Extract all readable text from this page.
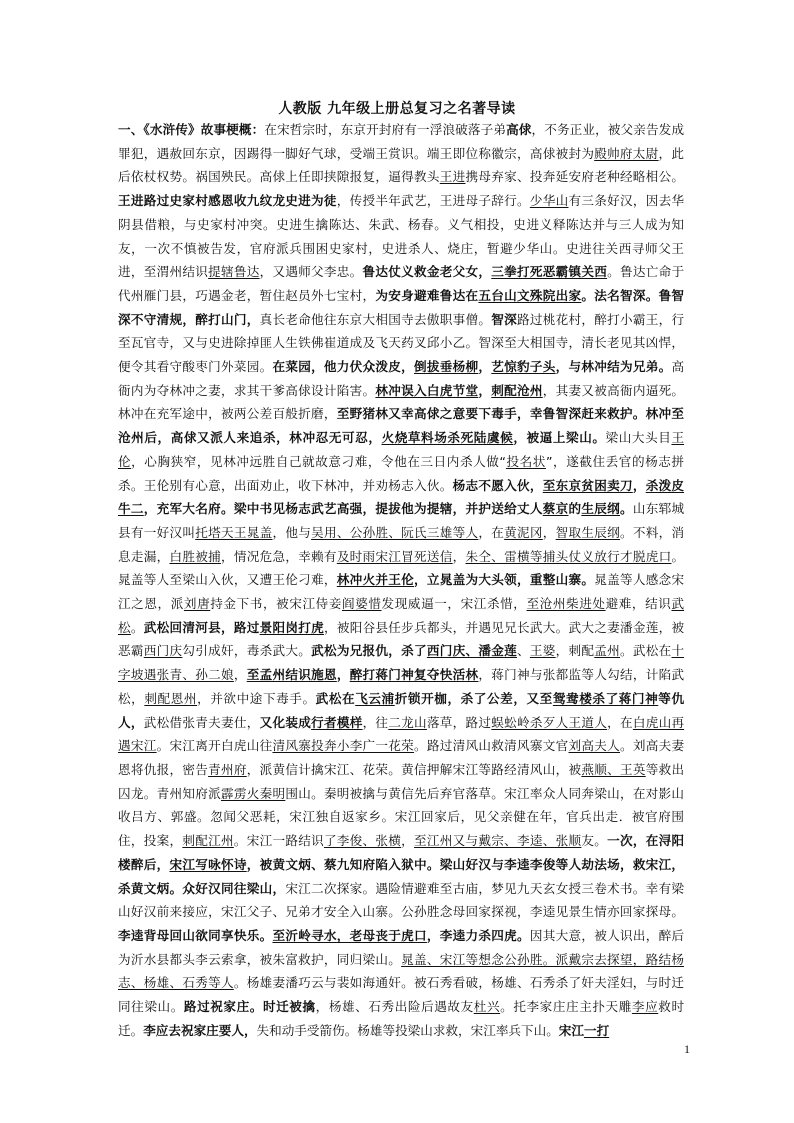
人教版 九年级上册总复习之名著导读

一、《水浒传》故事梗概：在宋哲宗时，东京开封府有一浮浪破落子弟高俅，不务正业，被父亲告发成罪犯，遇赦回东京，因踢得一脚好气球，受端王赏识。端王即位称徽宗，高俅被封为殿帅府太尉，此后依杖权势。祸国殃民。高俅上任即挟隙报复，逼得教头王进携母弃家、投奔延安府老种经略相公。王进路过史家村感恩收九纹龙史进为徒，传授半年武艺，王进母子辞行。少华山有三条好汉，因去华阴县借粮，与史家村冲突。史进生擒陈达、朱武、杨春。义气相投，史进义释陈达并与三人成为知友，一次不慎被告发，官府派兵围困史家村，史进杀人、烧庄，暂避少华山。史进往关西寻师父王进，至渭州结识提辖鲁达，又遇师父李忠。鲁达仗义救金老父女，三拳打死恶霸镇关西。鲁达亡命于代州雁门县，巧遇金老，暂住赵员外七宝村，为安身避难鲁达在五台山文殊院出家。法名智深。鲁智深不守清规，醉打山门，真长老命他往东京大相国寺去傲职事僧。智深路过桃花村，醉打小霸王，行至瓦官寺，又与史进除掉匪人生铁佛崔道成及飞天药叉邱小乙。智深至大相国寺，清长老见其凶悍，便令其看守酸枣门外菜园。在菜园，他力伏众泼皮，倒拔垂杨柳，艺惊豹子头，与林冲结为兄弟。高衙内为夺林冲之妻，求其干爹高俅设计陷害。林冲误入白虎节堂，刺配沧州，其妻又被高衙内逼死。林冲在充军途中，被两公差百般折磨，至野猪林又幸高俅之意要下毒手，幸鲁智深赶来救护。林冲至沧州后，高俅又派人来追杀，林冲忍无可忍，火烧草料场杀死陆虞候，被逼上梁山。梁山大头目王伦，心胸狭窄，见林冲远胜自己就故意刁难，令他在三日内杀人做“投名状”，遂截住丢官的杨志拼杀。王伦别有心意，出面劝止，收下林冲，并劝杨志入伙。杨志不愿入伙，至东京贫困卖刀，杀泼皮牛二，充军大名府。梁中书见杨志武艺高强，提拔他为提辖，并护送给丈人蔡京的生辰纲。山东郓城县有一好汉叫托塔天王晁盖，他与吴用、公孙胜、阮氏三雄等人，在黄泥冈，智取生辰纲。不料，消息走漏，白胜被捕，情况危急，幸赖有及时雨宋江冒死送信，朱仝、雷横等捕头仗义放行才脱虎口。晁盖等人至梁山入伙，又遭王伦刁难，林冲火并王伦，立晁盖为大头领，重整山寨。晁盖等人感念宋江之恩，派刘唐持金下书，被宋江侍妾阎婆惜发现威逼一，宋江杀惜，至沧州柴进处避难，结识武松。武松回清河县，路过景阳岗打虎，被阳谷县任步兵都头，并遇见兄长武大。武大之妻潘金莲，被恶霸西门庆勾引成奸，毒杀武大。武松为兄报仇，杀了西门庆、潘金莲、王婆，刺配孟州。武松在十字坡遇张青、孙二娘，至孟州结识施恩，醉打蒋门神复夺快活林，蒋门神与张都监等人勾结，计陷武松，刺配恩州，并欲中途下毒手。武松在飞云浦折锁开枷，杀了公差，又至鸳鸯楼杀了蒋门神等仇人，武松借张青夫妻仕，又化装成行者模样，往二龙山落草，路过蜈蚣岭杀歹人王道人，在白虎山再遇宋江。宋江离开白虎山往清风寨投奔小李广一花荣。路过清风山救清风寨文官刘高夫人。刘高夫妻恩将仇报，密告青州府，派黄信计擒宋江、花荣。黄信押解宋江等路经清风山，被燕顺、王英等救出囚龙。青州知府派霹雳火秦明围山。秦明被擒与黄信先后弃官落草。宋江率众人同奔梁山，在对影山收吕方、郭盛。忽闻父恶耗，宋江独自返家乡。宋江回家后，见父亲健在年，官兵出走．被官府围住，投案，刺配江州。宋江一路结识了李俊、张横，至江州又与戴宗、李逵、张顺友。一次，在浔阳楼醉后，宋江写咏怀诗，被黄文炳、蔡九知府陷入狱中。梁山好汉与李逵李俊等人劫法场，救宋江，杀黄文炳。众好汉同往梁山，宋江二次探家。遇险情避难至古庙，梦见九天玄女授三卷术书。幸有梁山好汉前来接应，宋江父子、兄弟才安全入山寨。公孙胜念母回家探视，李逵见景生情亦回家探母。李逵背母回山欲同享快乐。至沂岭寻水，老母丧于虎口，李逵力杀四虎。因其大意，被人识出，醉后为沂水县都头李云索拿，被朱富救护，同归梁山。晁盖、宋江等想念公孙胜。派戴宗去探望，路结杨志、杨雄、石秀等人。杨雄妻潘巧云与裴如海通奸。被石秀看破，杨雄、石秀杀了奸夫淫妇，与时迁同往梁山。路过祝家庄。时迁被擒，杨雄、石秀出险后遇故友杜兴。托李家庄庄主扑天雕李应救时迁。李应去祝家庄要人，失和动手受箭伤。杨雄等投梁山求救，宋江率兵下山。宋江一打

1
